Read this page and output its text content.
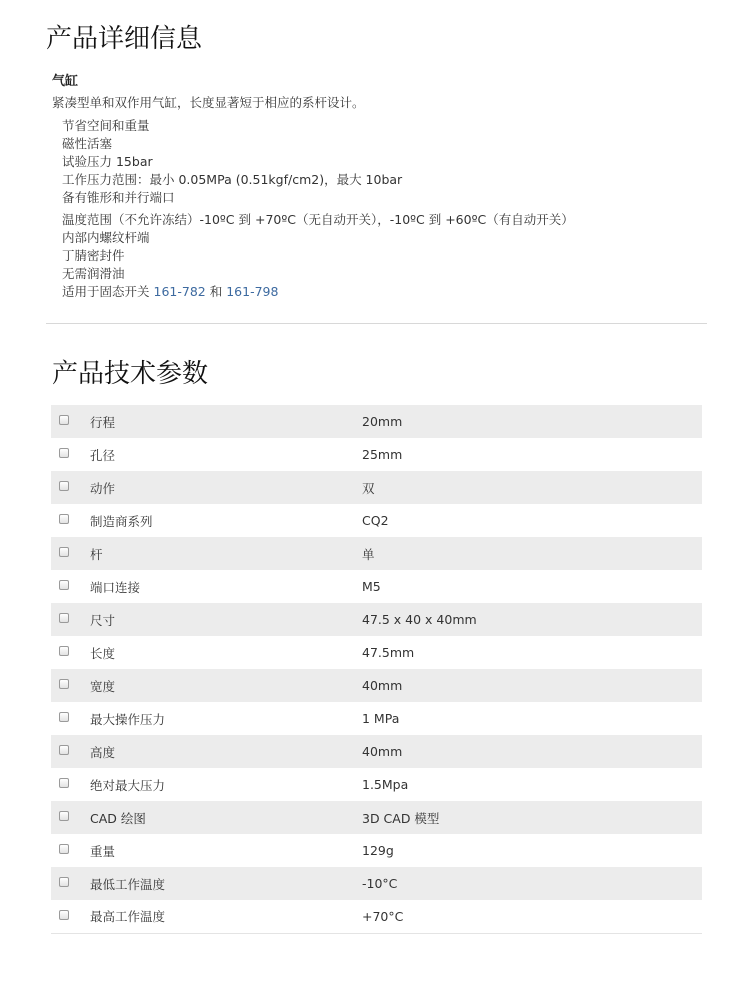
产品详细信息
气缸
紧凑型单和双作用气缸，长度显著短于相应的系杆设计。
节省空间和重量
磁性活塞
试验压力 15bar
工作压力范围：最小 0.05MPa (0.51kgf/cm2)，最大 10bar
备有锥形和并行端口
温度范围（不允许冻结）-10ºC 到 +70ºC（无自动开关），-10ºC 到 +60ºC（有自动开关）
内部内螺纹杆端
丁腈密封件
无需润滑油
适用于固态开关 161-782 和 161-798
产品技术参数
	行程	20mm

	孔径	25mm

	动作	双

	制造商系列	CQ2

	杆	单

	端口连接	M5

	尺寸	47.5 x 40 x 40mm

	长度	47.5mm

	宽度	40mm

	最大操作压力	1 MPa

	高度	40mm

	绝对最大压力	1.5Mpa

	CAD 绘图	3D CAD 模型

	重量	129g

	最低工作温度	-10°C

	最高工作温度	+70°C
